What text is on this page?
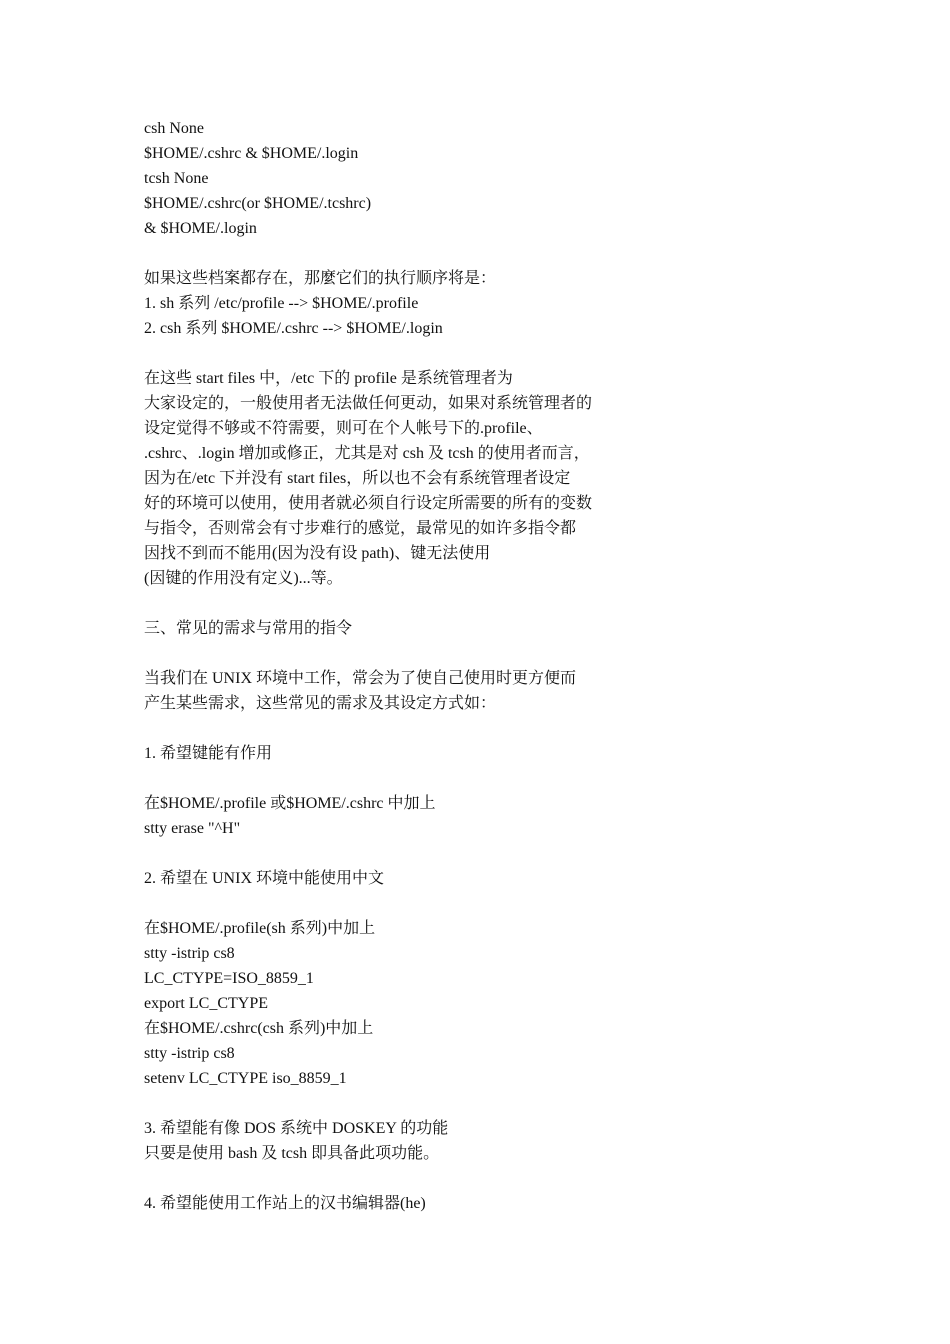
csh None
$HOME/.cshrc & $HOME/.login
tcsh None
$HOME/.cshrc(or $HOME/.tcshrc)
& $HOME/.login
如果这些档案都存在，那麼它们的执行顺序将是：
1. sh 系列 /etc/profile --> $HOME/.profile
2. csh 系列 $HOME/.cshrc --> $HOME/.login
在这些 start files 中，/etc 下的 profile 是系统管理者为
大家设定的，一般使用者无法做任何更动，如果对系统管理者的
设定觉得不够或不符需要，则可在个人帐号下的.profile、
.cshrc、.login 增加或修正，尤其是对 csh 及 tcsh 的使用者而言，
因为在/etc 下并没有 start files，所以也不会有系统管理者设定
好的环境可以使用，使用者就必须自行设定所需要的所有的变数
与指令，否则常会有寸步难行的感觉，最常见的如许多指令都
因找不到而不能用(因为没有设 path)、键无法使用
(因键的作用没有定义)...等。
三、常见的需求与常用的指令
当我们在 UNIX 环境中工作，常会为了使自己使用时更方便而
产生某些需求，这些常见的需求及其设定方式如：
1. 希望键能有作用
在$HOME/.profile 或$HOME/.cshrc 中加上
stty erase "^H"
2. 希望在 UNIX 环境中能使用中文
在$HOME/.profile(sh 系列)中加上
stty -istrip cs8
LC_CTYPE=ISO_8859_1
export LC_CTYPE
在$HOME/.cshrc(csh 系列)中加上
stty -istrip cs8
setenv LC_CTYPE iso_8859_1
3. 希望能有像 DOS 系统中 DOSKEY 的功能
只要是使用 bash 及 tcsh 即具备此项功能。
4. 希望能使用工作站上的汉书编辑器(he)
